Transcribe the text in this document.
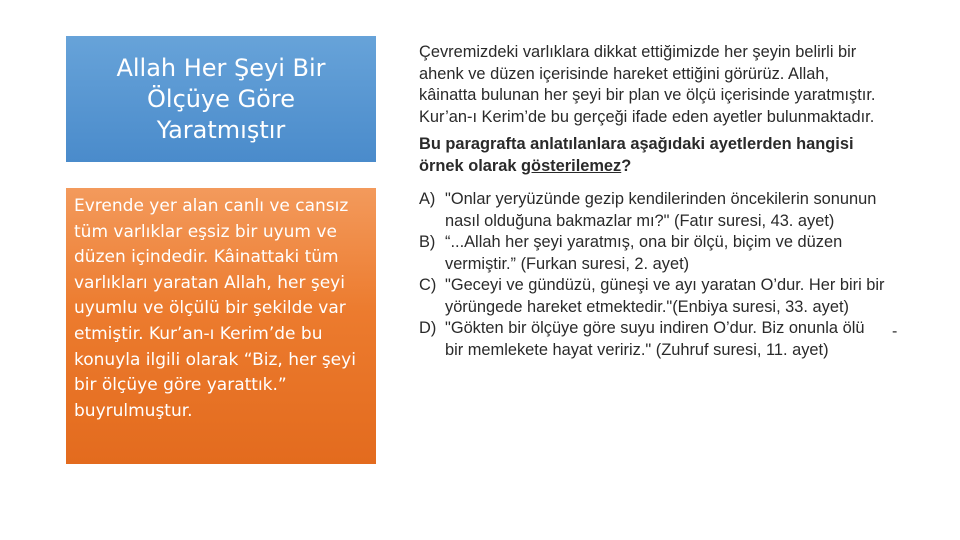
Allah Her Şeyi Bir Ölçüye Göre Yaratmıştır

Evrende yer alan canlı ve cansız tüm varlıklar eşsiz bir uyum ve düzen içindedir. Kâinattaki tüm varlıkları yaratan Allah, her şeyi uyumlu ve ölçülü bir şekilde var etmiştir. Kur’an-ı Kerim’de bu konuyla ilgili olarak “Biz, her şeyi bir ölçüye göre yarattık.” buyrulmuştur.

Çevremizdeki varlıklara dikkat ettiğimizde her şeyin belirli bir ahenk ve düzen içerisinde hareket ettiğini görürüz. Allah, kâinatta bulunan her şeyi bir plan ve ölçü içerisinde yaratmıştır. Kur’an-ı Kerim’de bu gerçeği ifade eden ayetler bulunmaktadır.

Bu paragrafta anlatılanlara aşağıdaki ayetlerden hangisi örnek olarak gösterilemez?

A) "Onlar yeryüzünde gezip kendilerinden öncekilerin sonunun nasıl olduğuna bakmazlar mı?" (Fatır suresi, 43. ayet)
B) “...Allah her şeyi yaratmış, ona bir ölçü, biçim ve düzen vermiştir.” (Furkan suresi, 2. ayet)
C) "Geceyi ve gündüzü, güneşi ve ayı yaratan O’dur. Her biri bir yörüngede hareket etmektedir."(Enbiya suresi, 33. ayet)
D) "Gökten bir ölçüye göre suyu indiren O’dur. Biz onunla ölü bir memlekete hayat veririz." (Zuhruf suresi, 11. ayet)
-
